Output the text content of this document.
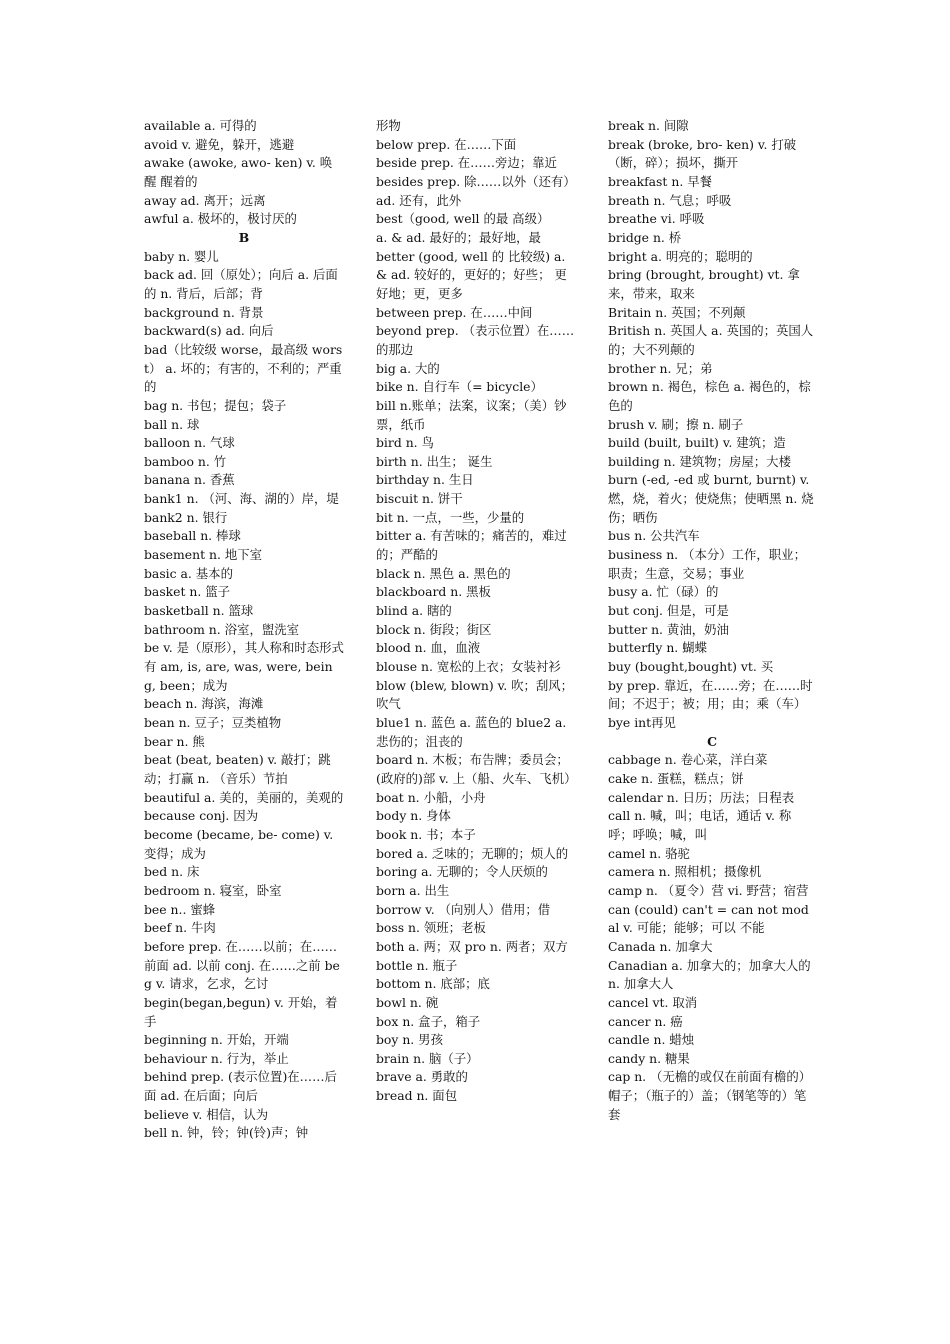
available a. 可得的

avoid v. 避免，躲开，逃避

awake (awoke, awo- ken) v. 唤醒 醒着的

away ad. 离开；远离

awful a. 极坏的，极讨厌的

B

baby n. 婴儿

back ad. 回（原处）；向后 a. 后面的 n. 背后，后部；背

background n. 背景

backward(s) ad. 向后

bad（比较级 worse，最高级 worst） a. 坏的；有害的，不利的；严重的

bag n. 书包；提包；袋子

ball n. 球

balloon n. 气球

bamboo n. 竹

banana n. 香蕉

bank1 n. （河、海、湖的）岸，堤

bank2 n. 银行

baseball n. 棒球

basement n. 地下室

basic a. 基本的

basket n. 篮子

basketball n. 篮球

bathroom n. 浴室，盥洗室

be v. 是（原形），其人称和时态形式有 am, is, are, was, were, being, been；成为

beach n. 海滨，海滩

bean n. 豆子；豆类植物

bear n. 熊

beat (beat, beaten) v. 敲打；跳动；打赢 n. （音乐）节拍

beautiful a. 美的，美丽的，美观的

because conj. 因为

become (became, be- come) v. 变得；成为

bed n. 床

bedroom n. 寝室，卧室

bee n.. 蜜蜂

beef n. 牛肉

before prep. 在……以前；在……前面 ad. 以前 conj. 在……之前 beg v. 请求，乞求，乞讨

begin(began,begun) v. 开始，着手

beginning n. 开始，开端

behaviour n. 行为，举止

behind prep. (表示位置)在……后面 ad. 在后面；向后

believe v. 相信，认为

bell n. 钟，铃；钟(铃)声；钟

形物

below prep. 在……下面

beside prep. 在……旁边；靠近

besides prep. 除……以外（还有） ad. 还有，此外

best（good, well 的最 高级）

a. & ad. 最好的；最好地，最

better (good, well 的 比较级) a.& ad. 较好的，更好的；好些； 更好地；更，更多

between prep. 在……中间

beyond prep. （表示位置）在……的那边

big a. 大的

bike n. 自行车（= bicycle）

bill n.账单；法案，议案；（美）钞票，纸币

bird n. 鸟

birth n. 出生； 诞生

birthday n. 生日

biscuit n. 饼干

bit n. 一点，一些，少量的

bitter a. 有苦味的；痛苦的，难过的；严酷的

black n. 黑色 a. 黑色的

blackboard n. 黑板

blind a. 瞎的

block n. 街段；街区

blood n. 血，血液

blouse n. 宽松的上衣；女装衬衫

blow (blew, blown) v. 吹；刮风；吹气

blue1 n. 蓝色 a. 蓝色的 blue2 a. 悲伤的；沮丧的

board n. 木板；布告牌；委员会；(政府的)部 v. 上（船、火车、飞机）

boat n. 小船，小舟

body n. 身体

book n. 书；本子

bored a. 乏味的；无聊的；烦人的

boring a. 无聊的；令人厌烦的

born a. 出生

borrow v. （向别人）借用；借

boss n. 领班；老板

both a. 两；双 pro n. 两者；双方

bottle n. 瓶子

bottom n. 底部；底

bowl n. 碗

box n. 盒子，箱子

boy n. 男孩

brain n. 脑（子）

brave a. 勇敢的

bread n. 面包

break n. 间隙

break (broke, bro- ken) v. 打破（断，碎）；损坏，撕开

breakfast n. 早餐

breath n. 气息；呼吸

breathe vi. 呼吸

bridge n. 桥

bright a. 明亮的；聪明的

bring (brought, brought) vt. 拿来，带来，取来

Britain n. 英国；不列颠

British n. 英国人 a. 英国的；英国人的；大不列颠的

brother n. 兄；弟

brown n. 褐色，棕色 a. 褐色的，棕色的

brush v. 刷；擦 n. 刷子

build (built, built) v. 建筑；造

building n. 建筑物；房屋；大楼

burn (-ed, -ed 或 burnt, burnt) v. 燃，烧，着火；使烧焦；使晒黑 n. 烧伤；晒伤

bus n. 公共汽车

business n. （本分）工作，职业；职责；生意，交易；事业

busy a. 忙（碌）的

but conj. 但是，可是

butter n. 黄油，奶油

butterfly n. 蝴蝶

buy (bought,bought) vt. 买

by prep. 靠近，在……旁；在……时间；不迟于；被；用；由；乘（车）

bye int再见

C

cabbage n. 卷心菜，洋白菜

cake n. 蛋糕，糕点；饼

calendar n. 日历；历法；日程表

call n. 喊，叫；电话，通话 v. 称呼；呼唤；喊，叫

camel n. 骆驼

camera n. 照相机；摄像机

camp n. （夏令）营 vi. 野营；宿营

can (could) can't = can not modal v. 可能；能够；可以 不能

Canada n. 加拿大

Canadian a. 加拿大的；加拿大人的 n. 加拿大人

cancel vt. 取消

cancer n. 癌

candle n. 蜡烛

candy n. 糖果

cap n. （无檐的或仅在前面有檐的）帽子；（瓶子的）盖；（钢笔等的）笔套
